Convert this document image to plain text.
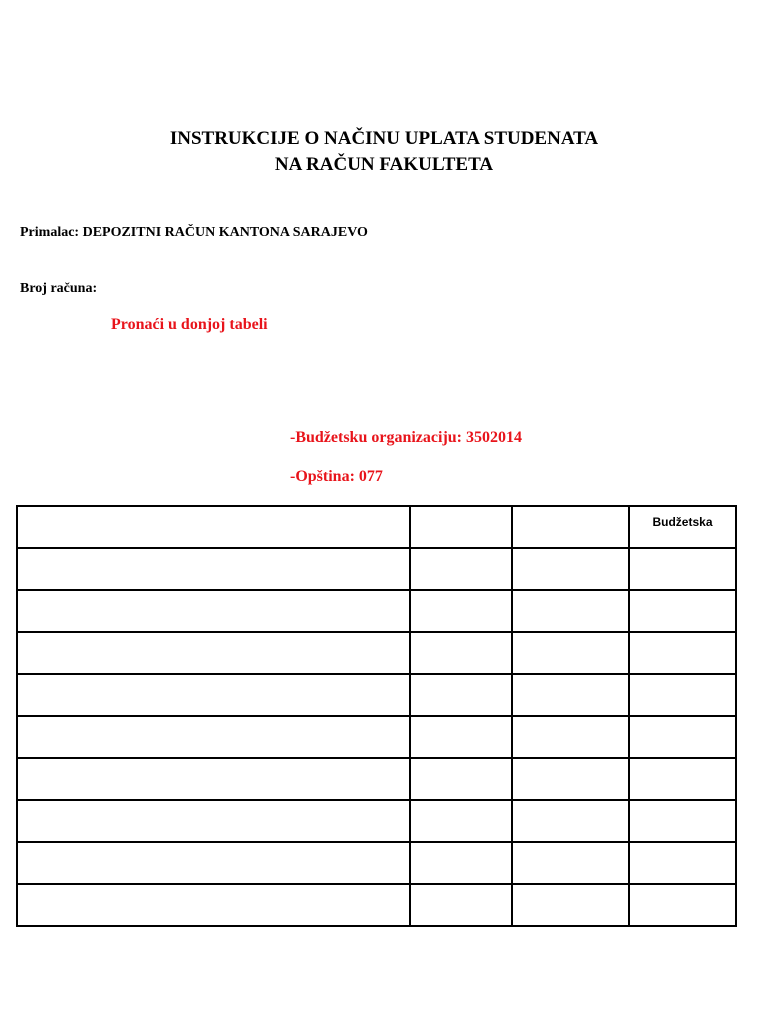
INSTRUKCIJE O NAČINU UPLATA STUDENATA
NA RAČUN FAKULTETA
Primalac: DEPOZITNI RAČUN KANTONA SARAJEVO
Broj računa:
Pronaći u donjoj tabeli
-Budžetsku organizaciju: 3502014
-Opština: 077

			Budžetska
